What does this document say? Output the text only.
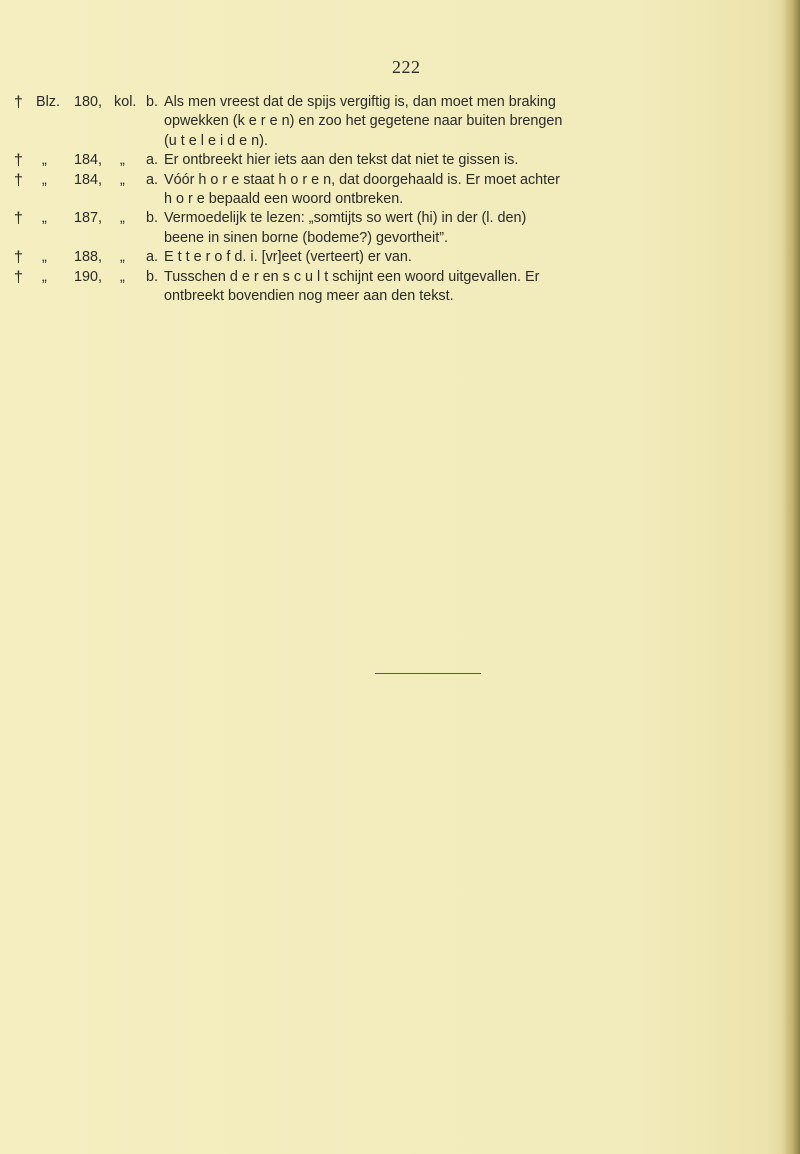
222
† Blz. 180, kol. b. Als men vreest dat de spijs vergiftig is, dan moet men braking
opwekken (k e r e n) en zoo het gegetene naar buiten brengen
(u t e l e i d e n).
†	„	184,	„	a. Er ontbreekt hier iets aan den tekst dat niet te gissen is.
†	„	184,	„	a. Vóór h o r e staat h o r e n, dat doorgehaald is. Er moet achter
h o r e bepaald een woord ontbreken.
†	„	187,	„	b. Vermoedelijk te lezen: „somtijts so wert (hi) in der (l. den)
beene in sinen borne (bodeme?) gevortheit”.
†	„	188,	„	a. E t t e r o f d. i. [vr]eet (verteert) er van.
†	„	190,	„	b. Tusschen d e r en s c u l t schijnt een woord uitgevallen. Er
ontbreekt bovendien nog meer aan den tekst.
